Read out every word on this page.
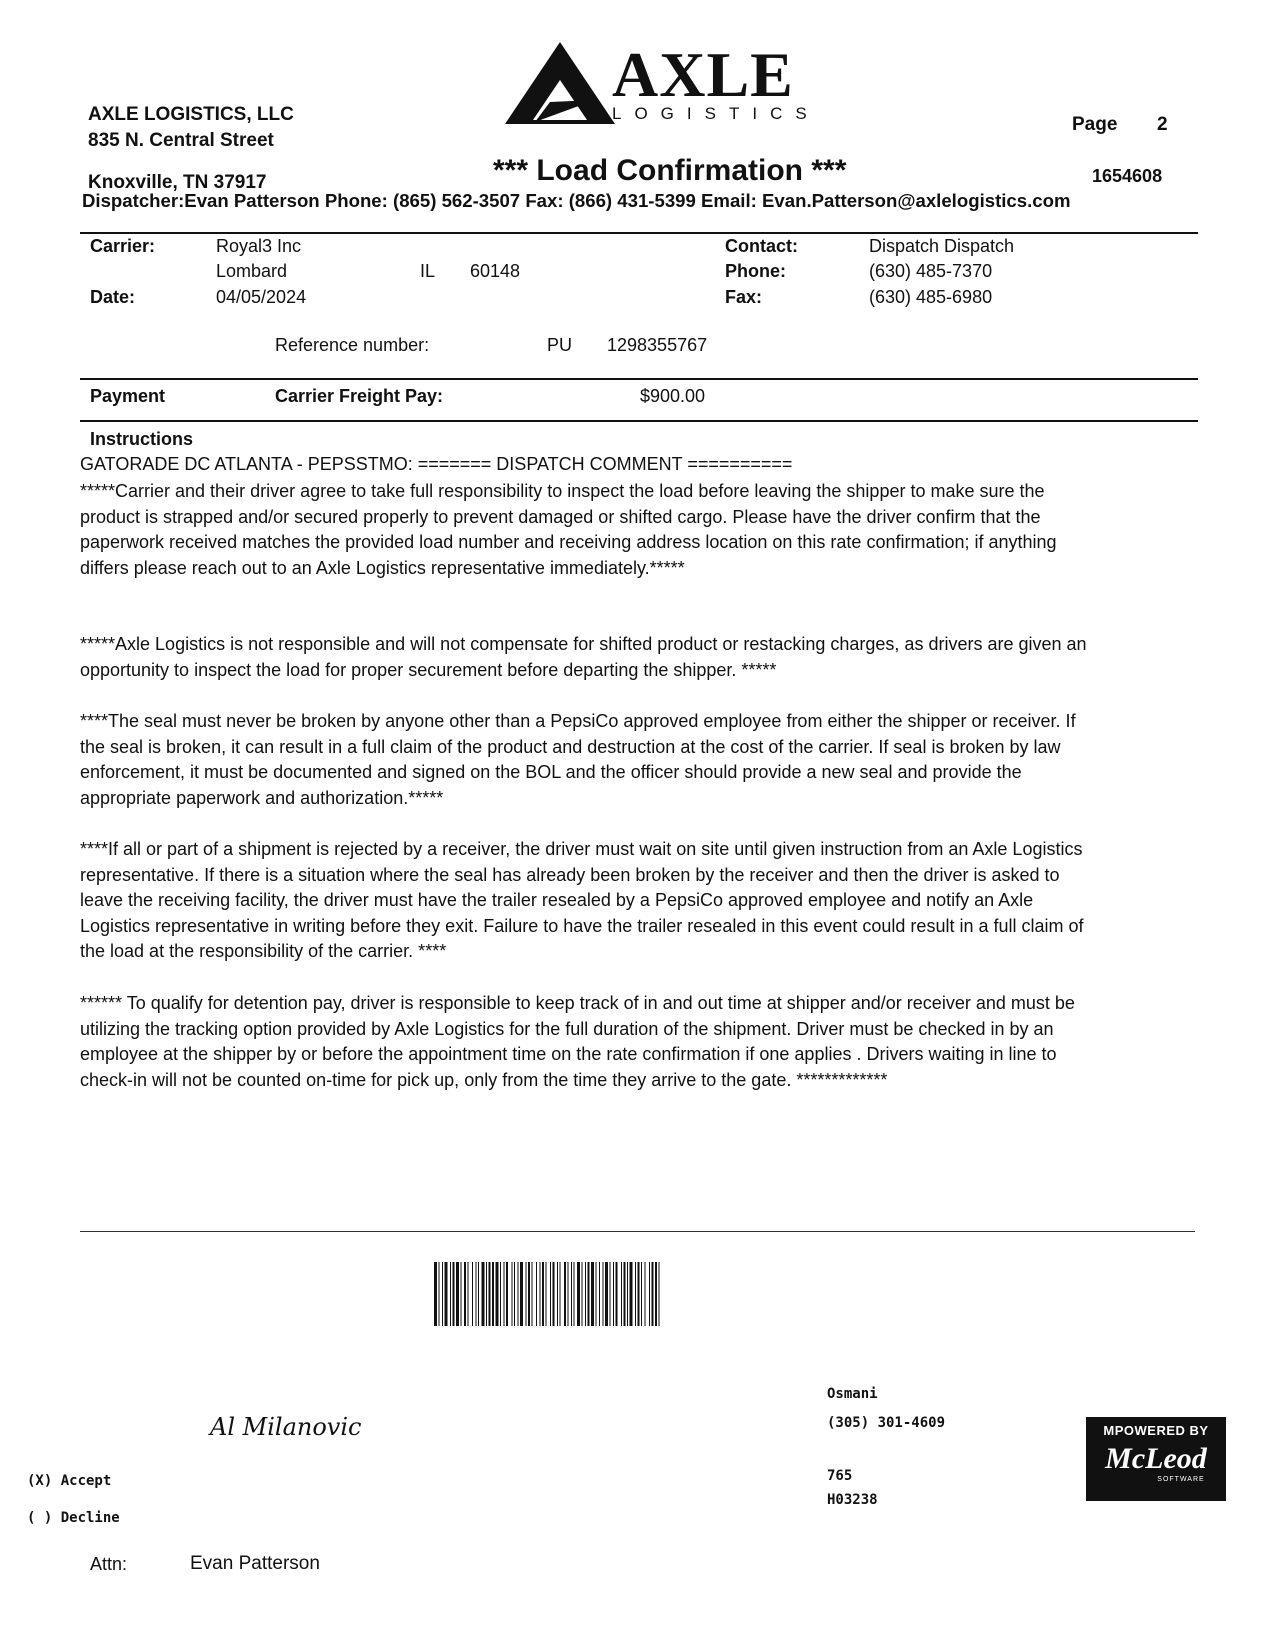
AXLE LOGISTICS, LLC
835 N. Central Street
Knoxville, TN 37917
AXLE
LOGISTICS
Page 2
*** Load Confirmation ***	1654608
Dispatcher:Evan Patterson Phone: (865) 562-3507 Fax: (866) 431-5399 Email: Evan.Patterson@axlelogistics.com
Carrier:	Royal3 Inc
Lombard	IL 60148
Date:	04/05/2024
Contact:	Dispatch Dispatch
Phone:	(630) 485-7370
Fax:	(630) 485-6980
Reference number:	PU 1298355767
Payment	Carrier Freight Pay:	$900.00
Instructions
GATORADE DC ATLANTA - PEPSSTMO: ======= DISPATCH COMMENT ==========
*****Carrier and their driver agree to take full responsibility to inspect the load before leaving the shipper to make sure the product is strapped and/or secured properly to prevent damaged or shifted cargo. Please have the driver confirm that the paperwork received matches the provided load number and receiving address location on this rate confirmation; if anything differs please reach out to an Axle Logistics representative immediately.*****
*****Axle Logistics is not responsible and will not compensate for shifted product or restacking charges, as drivers are given an opportunity to inspect the load for proper securement before departing the shipper. *****
****The seal must never be broken by anyone other than a PepsiCo approved employee from either the shipper or receiver. If the seal is broken, it can result in a full claim of the product and destruction at the cost of the carrier. If seal is broken by law enforcement, it must be documented and signed on the BOL and the officer should provide a new seal and provide the appropriate paperwork and authorization.*****
****If all or part of a shipment is rejected by a receiver, the driver must wait on site until given instruction from an Axle Logistics representative. If there is a situation where the seal has already been broken by the receiver and then the driver is asked to leave the receiving facility, the driver must have the trailer resealed by a PepsiCo approved employee and notify an Axle Logistics representative in writing before they exit. Failure to have the trailer resealed in this event could result in a full claim of the load at the responsibility of the carrier. ****
****** To qualify for detention pay, driver is responsible to keep track of in and out time at shipper and/or receiver and must be utilizing the tracking option provided by Axle Logistics for the full duration of the shipment. Driver must be checked in by an employee at the shipper by or before the appointment time on the rate confirmation if one applies . Drivers waiting in line to check-in will not be counted on-time for pick up, only from the time they arrive to the gate. *************
Al Milanovic
(X) Accept
( ) Decline
Osmani
(305) 301-4609
765
H03238
MPOWERED BY
McLeod
SOFTWARE
Attn:	Evan Patterson
